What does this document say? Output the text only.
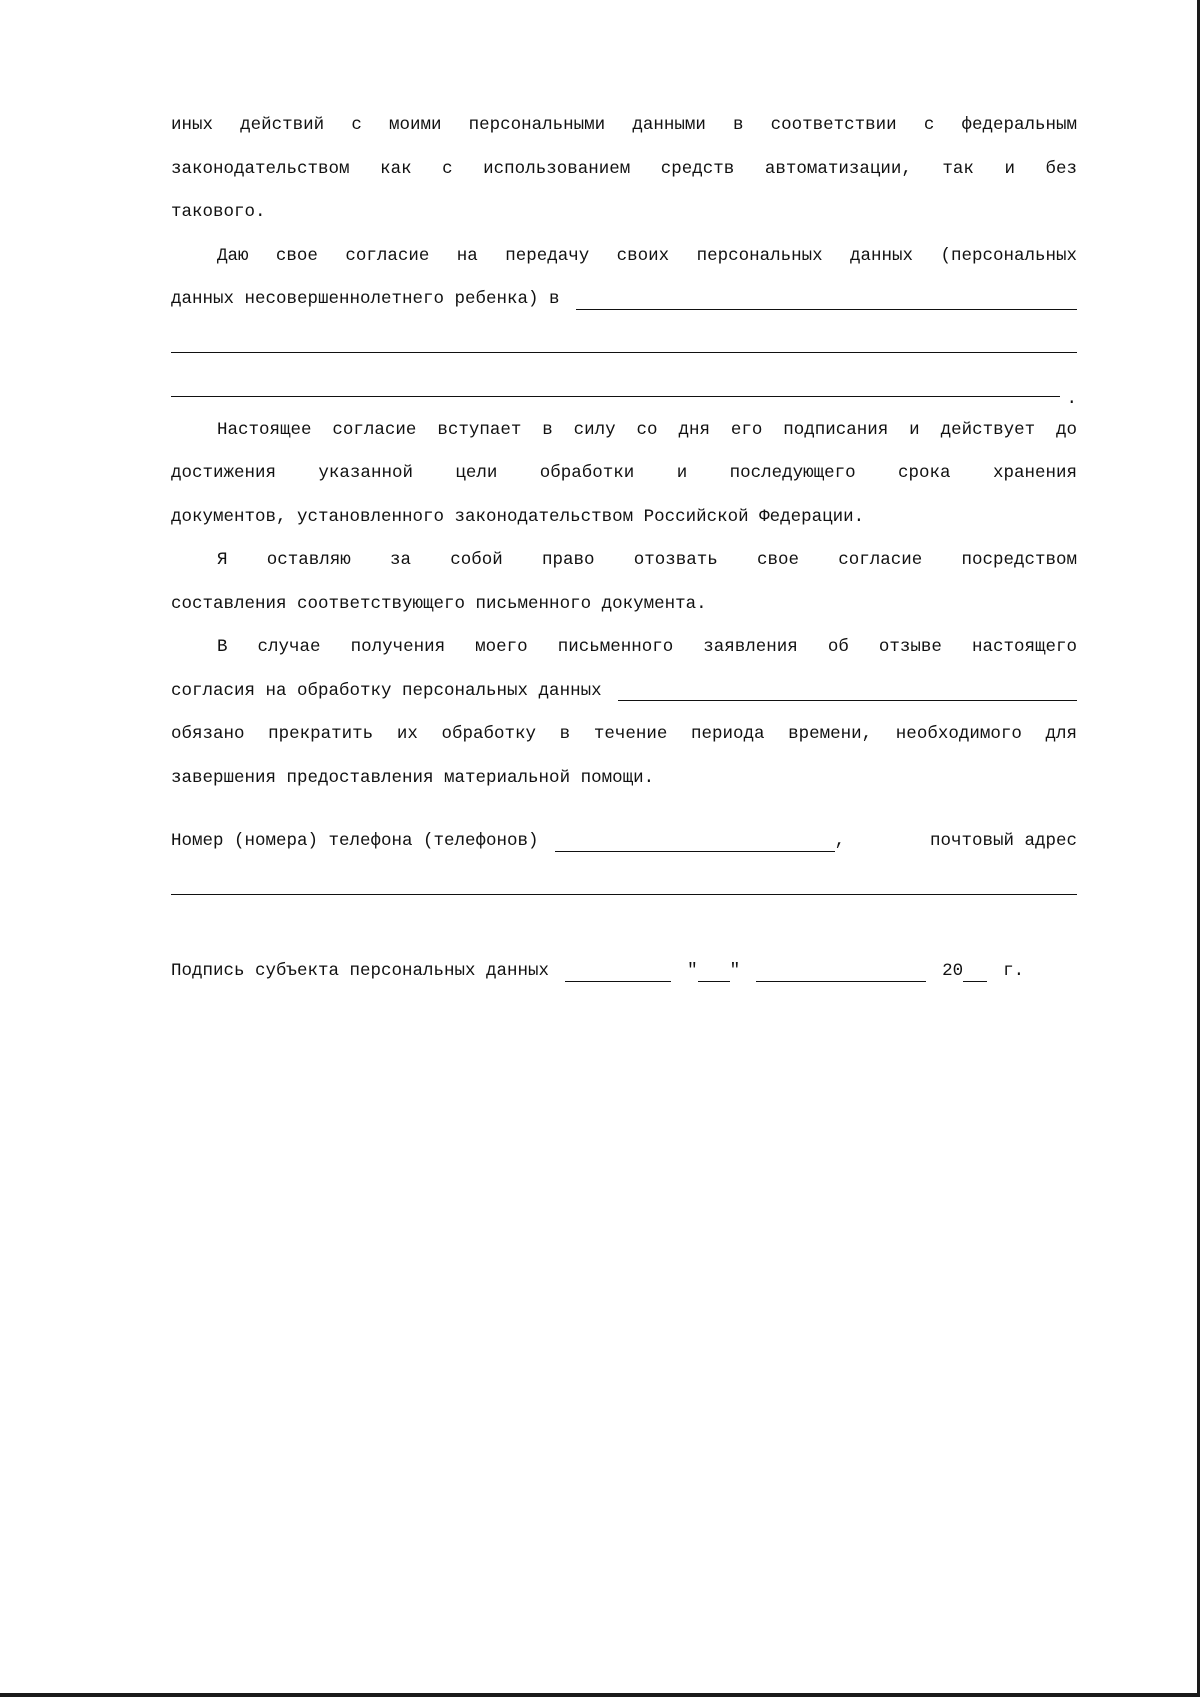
иных действий с моими персональными данными в соответствии с федеральным
законодательством как с использованием средств автоматизации, так и без
такового.
Даю свое согласие на передачу своих персональных данных (персональных
данных несовершеннолетнего ребенка) в
.
Настоящее согласие вступает в силу со дня его подписания и действует до
достижения указанной цели обработки и последующего срока хранения
документов, установленного законодательством Российской Федерации.
Я оставляю за собой право отозвать свое согласие посредством
составления соответствующего письменного документа.
В случае получения моего письменного заявления об отзыве настоящего
согласия на обработку персональных данных
обязано прекратить их обработку в течение периода времени, необходимого для
завершения предоставления материальной помощи.
Номер (номера) телефона (телефонов)	,	почтовый адрес
Подпись субъекта персональных данных	" "	20 г.
